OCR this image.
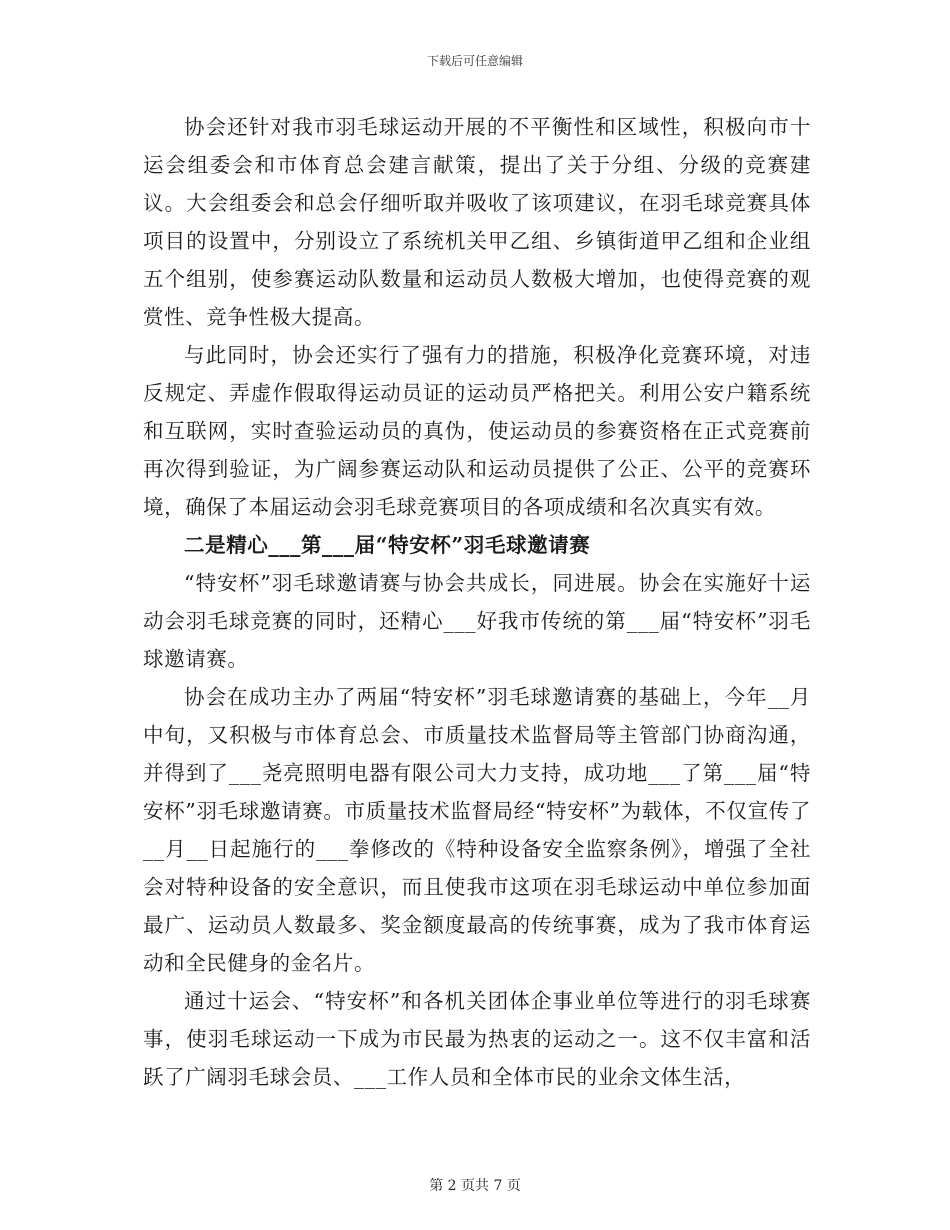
下载后可任意编辑

协会还针对我市羽毛球运动开展的不平衡性和区域性，积极向市十运会组委会和市体育总会建言献策，提出了关于分组、分级的竞赛建议。大会组委会和总会仔细听取并吸收了该项建议，在羽毛球竞赛具体项目的设置中，分别设立了系统机关甲乙组、乡镇街道甲乙组和企业组五个组别，使参赛运动队数量和运动员人数极大增加，也使得竞赛的观赏性、竞争性极大提高。

与此同时，协会还实行了强有力的措施，积极净化竞赛环境，对违反规定、弄虚作假取得运动员证的运动员严格把关。利用公安户籍系统和互联网，实时查验运动员的真伪，使运动员的参赛资格在正式竞赛前再次得到验证，为广阔参赛运动队和运动员提供了公正、公平的竞赛环境，确保了本届运动会羽毛球竞赛项目的各项成绩和名次真实有效。

二是精心___第___届“特安杯”羽毛球邀请赛

“特安杯”羽毛球邀请赛与协会共成长，同进展。协会在实施好十运动会羽毛球竞赛的同时，还精心___好我市传统的第___届“特安杯”羽毛球邀请赛。

协会在成功主办了两届“特安杯”羽毛球邀请赛的基础上，今年__月中旬，又积极与市体育总会、市质量技术监督局等主管部门协商沟通，并得到了___尧亮照明电器有限公司大力支持，成功地___了第___届“特安杯”羽毛球邀请赛。市质量技术监督局经“特安杯”为载体，不仅宣传了__月__日起施行的___拳修改的《特种设备安全监察条例》，增强了全社会对特种设备的安全意识，而且使我市这项在羽毛球运动中单位参加面最广、运动员人数最多、奖金额度最高的传统事赛，成为了我市体育运动和全民健身的金名片。

通过十运会、“特安杯”和各机关团体企事业单位等进行的羽毛球赛事，使羽毛球运动一下成为市民最为热衷的运动之一。这不仅丰富和活跃了广阔羽毛球会员、___工作人员和全体市民的业余文体生活，

第 2 页共 7 页
